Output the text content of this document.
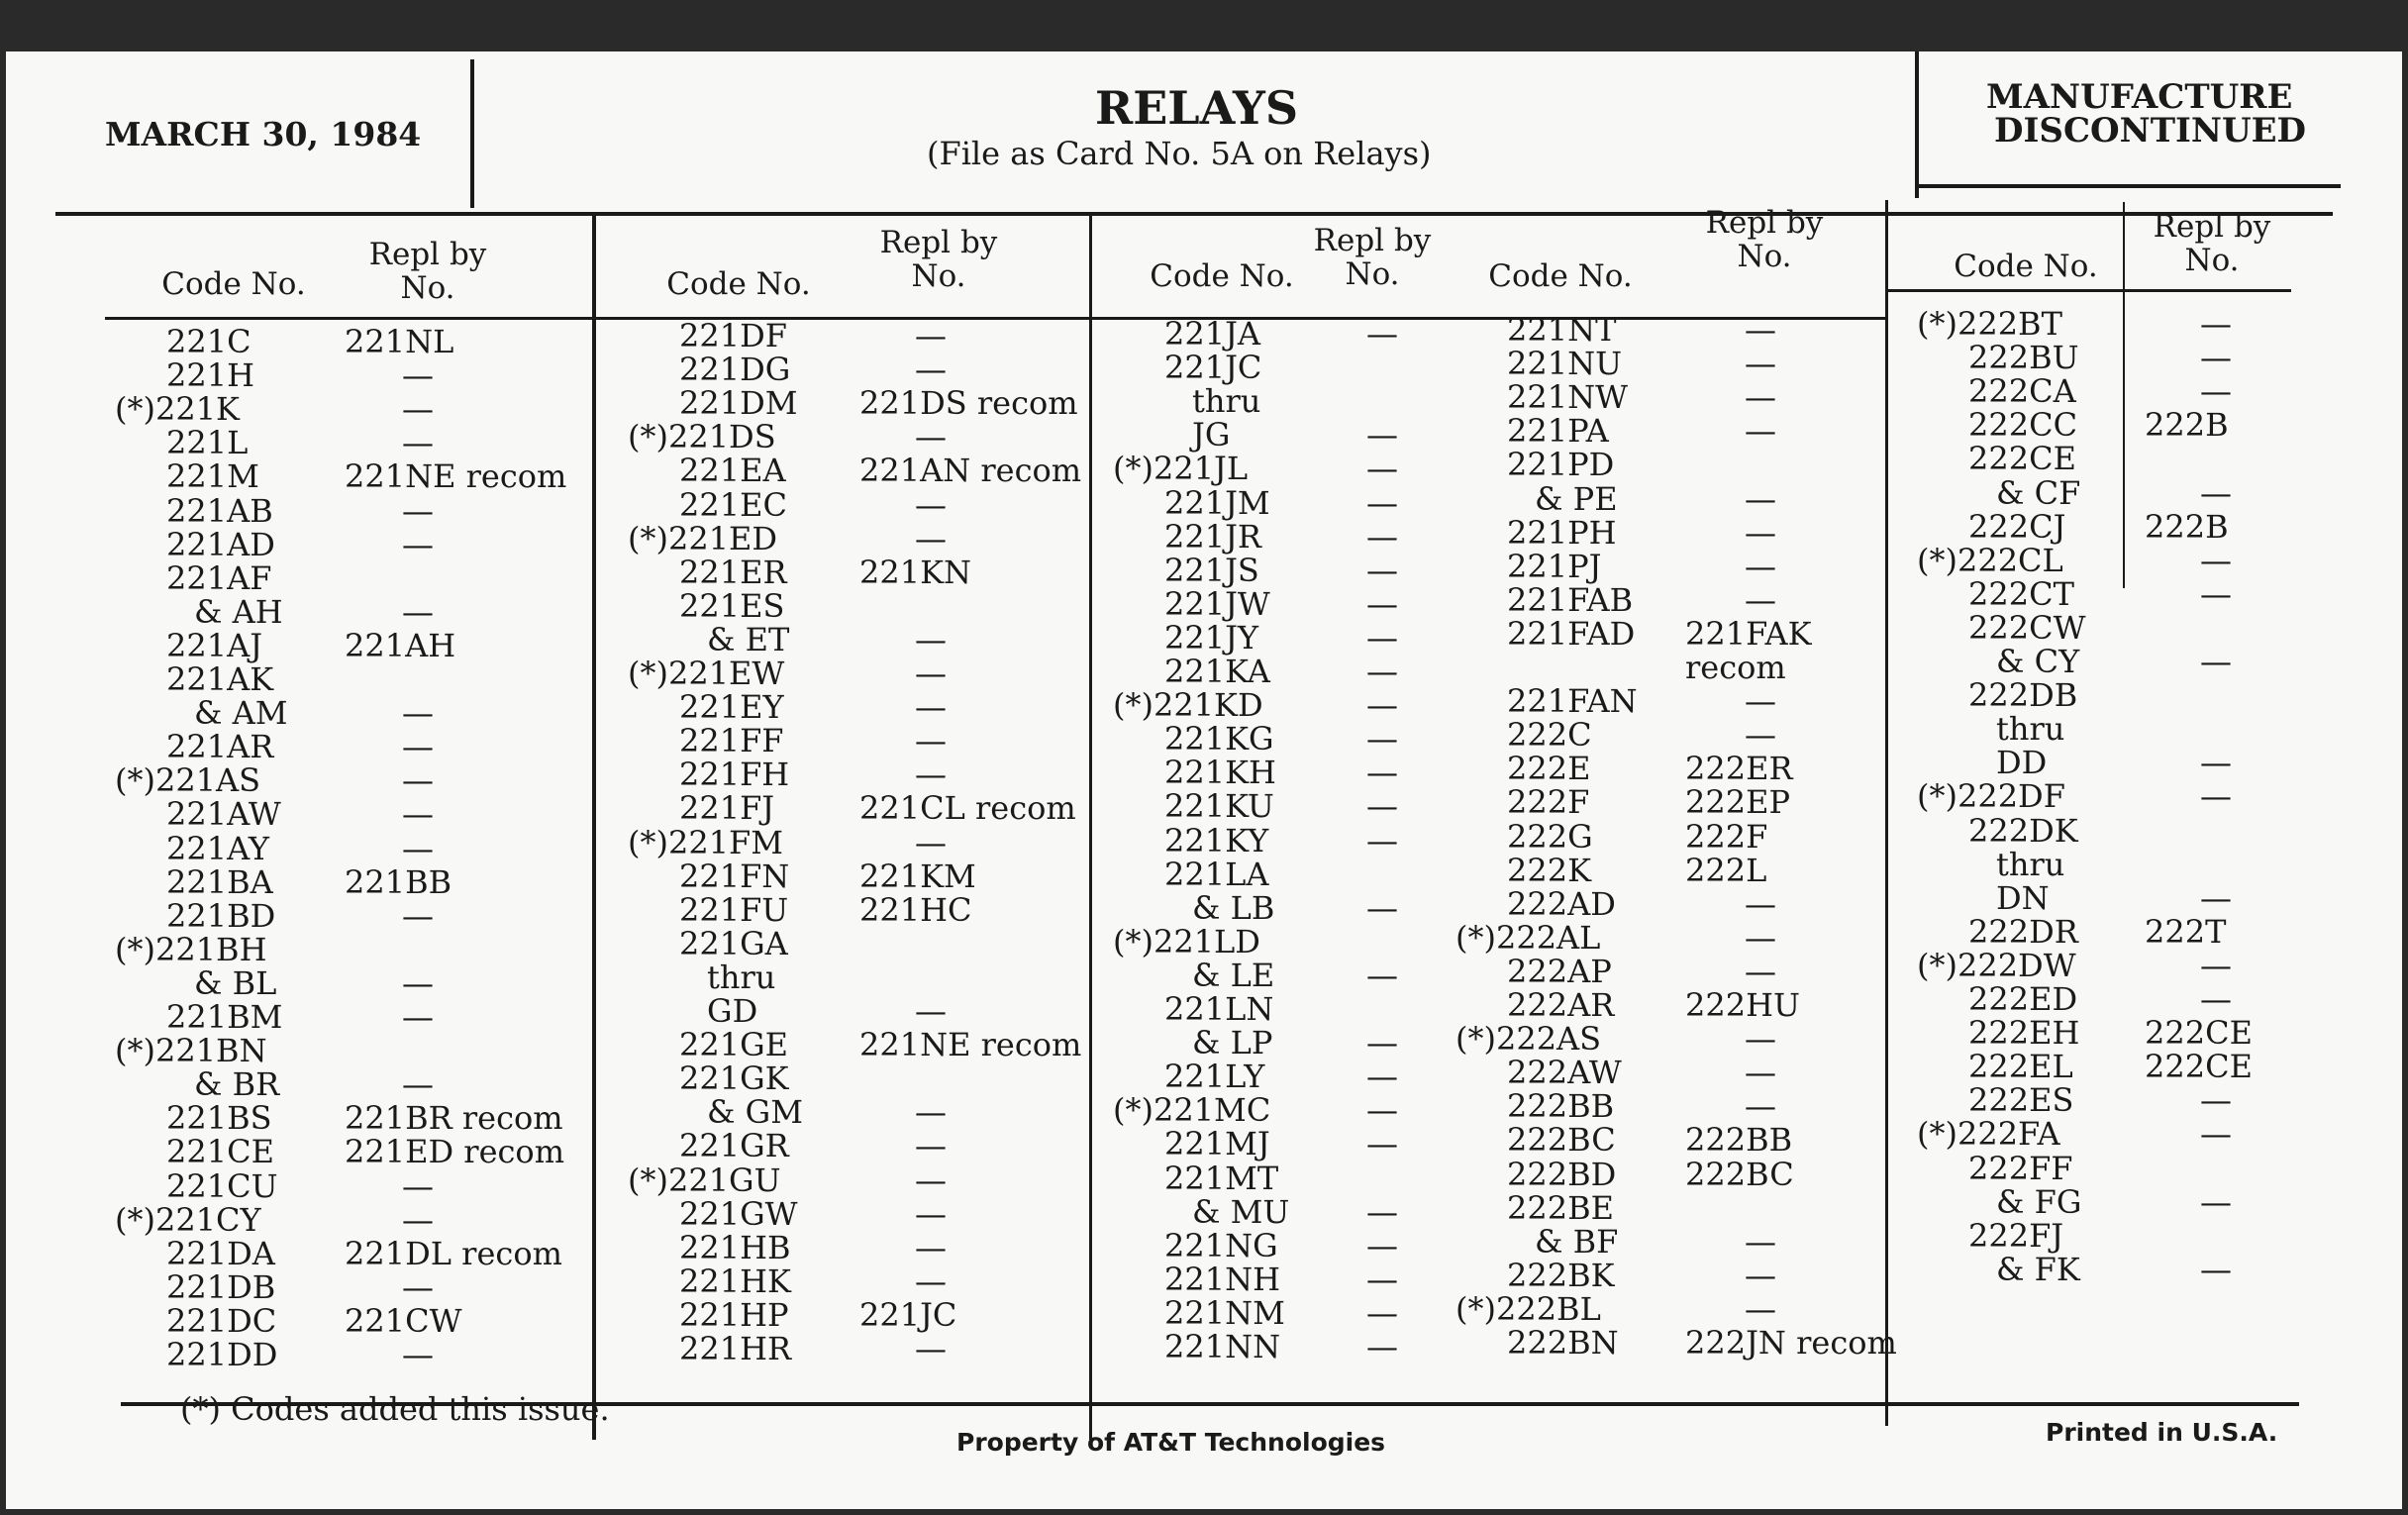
MARCH 30, 1984	RELAYS
(File as Card No. 5A on Relays)
MANUFACTURE
DISCONTINUED
Code No.
Repl by No.	Code No.
Repl by No.	Code No.
Repl by No.	Code No.
Repl by No.	Code No.
Repl by No.
221C	221NL
221H	—
(*)221K	—
221L	—
221M	221NE recom
221AB	—
221AD	—
221AF
& AH	—
221AJ	221AH
221AK
& AM	—
221AR	—
(*)221AS	—
221AW	—
221AY	—
221BA 221BB
221BD	—
(*)221BH
& BL	—
221BM	—
(*)221BN
& BR	—
221BS 221BR recom
221CE 221ED recom
221CU	—
(*)221CY	—
221DA 221DL recom
221DB	—
221DC 221CW
221DD	—
221DF	—
221DG	—
221DM 221DS recom
(*)221DS	—
221EA 221AN recom
221EC	—
(*)221ED	—
221ER 221KN
221ES
& ET	—
(*)221EW	—
221EY	—
221FF	—
221FH	—
221FJ	221CL recom
(*)221FM	—
221FN 221KM
221FU 221HC
221GA
thru
GD	—
221GE 221NE recom
221GK
& GM	—
221GR	—
(*)221GU	—
221GW	—
221HB	—
221HK	—
221HP 221JC
221HR	—
221JA	—
221JC
thru
JG	—
(*)221JL	—
221JM	—
221JR	—
221JS	—
221JW	—
221JY	—
221KA	—
(*)221KD	—
221KG	—
221KH	—
221KU	—
221KY	—
221LA
& LB	—
(*)221LD
& LE	—
221LN
& LP	—
221LY	—
(*)221MC	—
221MJ	—
221MT
& MU —
221NG	—
221NH	—
221NM	—
221NN	—
221NT	—
221NU	—
221NW	—
221PA	—
221PD
& PE	—
221PH	—
221PJ	—
221FAB	—
221FAD 221FAK
recom
221FAN	—
222C	—
222E	222ER
222F	222EP
222G	222F
222K	222L
222AD	—
(*)222AL	—
222AP	—
222AR 222HU
(*)222AS	—
222AW	—
222BB	—
222BC 222BB
222BD 222BC
222BE
& BF	—
222BK	—
(*)222BL	—
222BN 222JN recom
(*)222BT	—
222BU	—
222CA	—
222CC 222B
222CE
& CF	—
222CJ 222B
(*)222CL	—
222CT	—
222CW
& CY	—
222DB
thru
DD	—
(*)222DF	—
222DK
thru
DN	—
222DR 222T
(*)222DW	—
222ED	—
222EH 222CE
222EL 222CE
222ES	—
(*)222FA	—
222FF
& FG	—
222FJ
& FK	—
(*) Codes added this issue.
Property of AT&T Technologies	Printed in U.S.A.
